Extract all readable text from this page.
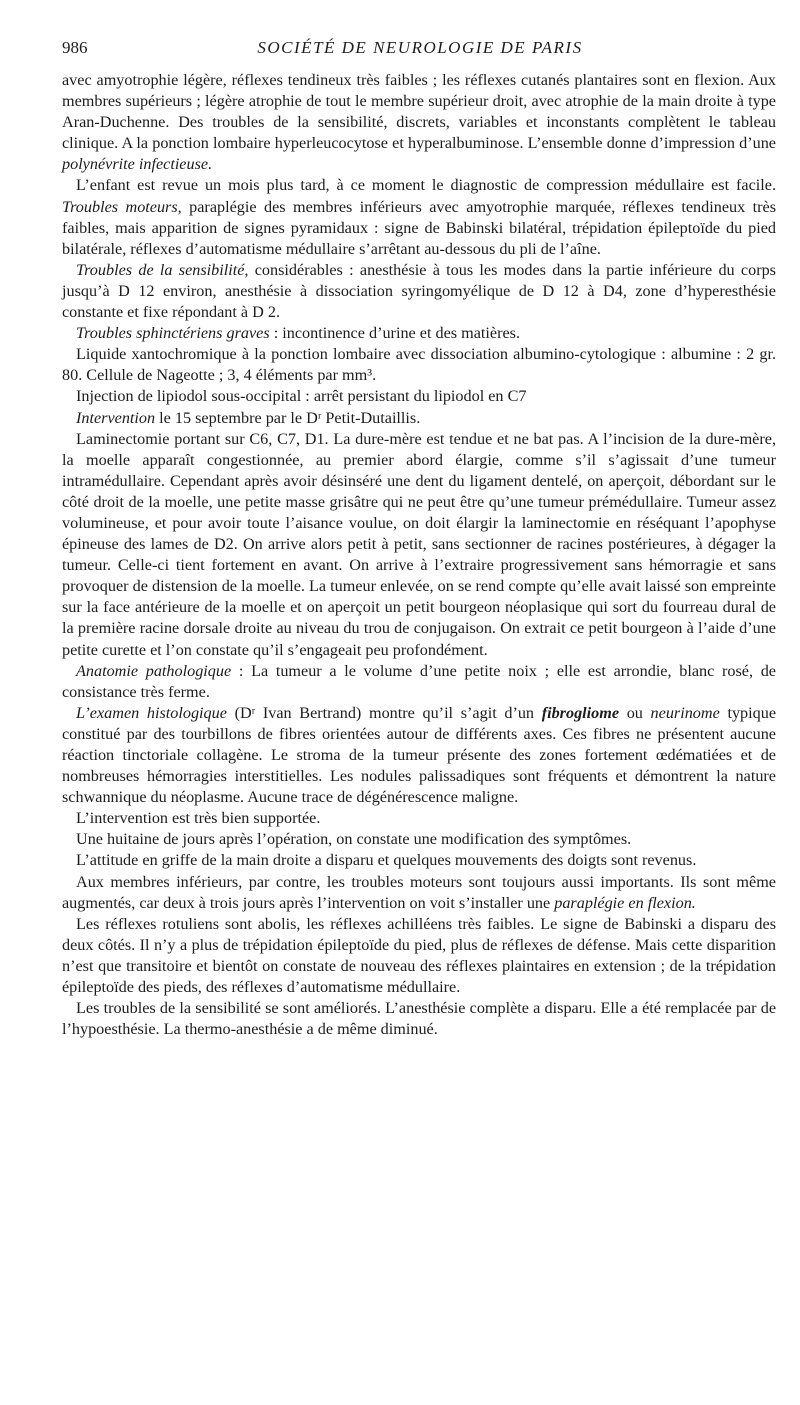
986	SOCIÉTÉ DE NEUROLOGIE DE PARIS

avec amyotrophie légère, réflexes tendineux très faibles ; les réflexes cutanés plantaires sont en flexion. Aux membres supérieurs ; légère atrophie de tout le membre supérieur droit, avec atrophie de la main droite à type Aran-Duchenne. Des troubles de la sensibilité, discrets, variables et inconstants complètent le tableau clinique. A la ponction lombaire hyperleucocytose et hyperalbuminose. L’ensemble donne d’impression d’une polynévrite infectieuse.

L’enfant est revue un mois plus tard, à ce moment le diagnostic de compression médullaire est facile. Troubles moteurs, paraplégie des membres inférieurs avec amyotrophie marquée, réflexes tendineux très faibles, mais apparition de signes pyramidaux : signe de Babinski bilatéral, trépidation épileptoïde du pied bilatérale, réflexes d’automatisme médullaire s’arrêtant au-dessous du pli de l’aîne.

Troubles de la sensibilité, considérables : anesthésie à tous les modes dans la partie inférieure du corps jusqu’à D 12 environ, anesthésie à dissociation syringomyélique de D 12 à D4, zone d’hyperesthésie constante et fixe répondant à D 2.

Troubles sphinctériens graves : incontinence d’urine et des matières.

Liquide xantochromique à la ponction lombaire avec dissociation albumino-cytologique : albumine : 2 gr. 80. Cellule de Nageotte ; 3, 4 éléments par mm³.

Injection de lipiodol sous-occipital : arrêt persistant du lipiodol en C7

Intervention le 15 septembre par le Dʳ Petit-Dutaillis.

Laminectomie portant sur C6, C7, D1. La dure-mère est tendue et ne bat pas. A l’incision de la dure-mère, la moelle apparaît congestionnée, au premier abord élargie, comme s’il s’agissait d’une tumeur intramédullaire. Cependant après avoir désinséré une dent du ligament dentelé, on aperçoit, débordant sur le côté droit de la moelle, une petite masse grisâtre qui ne peut être qu’une tumeur prémédullaire. Tumeur assez volumineuse, et pour avoir toute l’aisance voulue, on doit élargir la laminectomie en réséquant l’apophyse épineuse des lames de D2. On arrive alors petit à petit, sans sectionner de racines postérieures, à dégager la tumeur. Celle-ci tient fortement en avant. On arrive à l’extraire progressivement sans hémorragie et sans provoquer de distension de la moelle. La tumeur enlevée, on se rend compte qu’elle avait laissé son empreinte sur la face antérieure de la moelle et on aperçoit un petit bourgeon néoplasique qui sort du fourreau dural de la première racine dorsale droite au niveau du trou de conjugaison. On extrait ce petit bourgeon à l’aide d’une petite curette et l’on constate qu’il s’engageait peu profondément.

Anatomie pathologique : La tumeur a le volume d’une petite noix ; elle est arrondie, blanc rosé, de consistance très ferme.

L’examen histologique (Dʳ Ivan Bertrand) montre qu’il s’agit d’un fibrogliome ou neurinome typique constitué par des tourbillons de fibres orientées autour de différents axes. Ces fibres ne présentent aucune réaction tinctoriale collagène. Le stroma de la tumeur présente des zones fortement œdématiées et de nombreuses hémorragies interstitielles. Les nodules palissadiques sont fréquents et démontrent la nature schwannique du néoplasme. Aucune trace de dégénérescence maligne.

L’intervention est très bien supportée.

Une huitaine de jours après l’opération, on constate une modification des symptômes.

L’attitude en griffe de la main droite a disparu et quelques mouvements des doigts sont revenus.

Aux membres inférieurs, par contre, les troubles moteurs sont toujours aussi importants. Ils sont même augmentés, car deux à trois jours après l’intervention on voit s’installer une paraplégie en flexion.

Les réflexes rotuliens sont abolis, les réflexes achilléens très faibles. Le signe de Babinski a disparu des deux côtés. Il n’y a plus de trépidation épileptoïde du pied, plus de réflexes de défense. Mais cette disparition n’est que transitoire et bientôt on constate de nouveau des réflexes plaintaires en extension ; de la trépidation épileptoïde des pieds, des réflexes d’automatisme médullaire.

Les troubles de la sensibilité se sont améliorés. L’anesthésie complète a disparu. Elle a été remplacée par de l’hypoesthésie. La thermo-anesthésie a de même diminué.
